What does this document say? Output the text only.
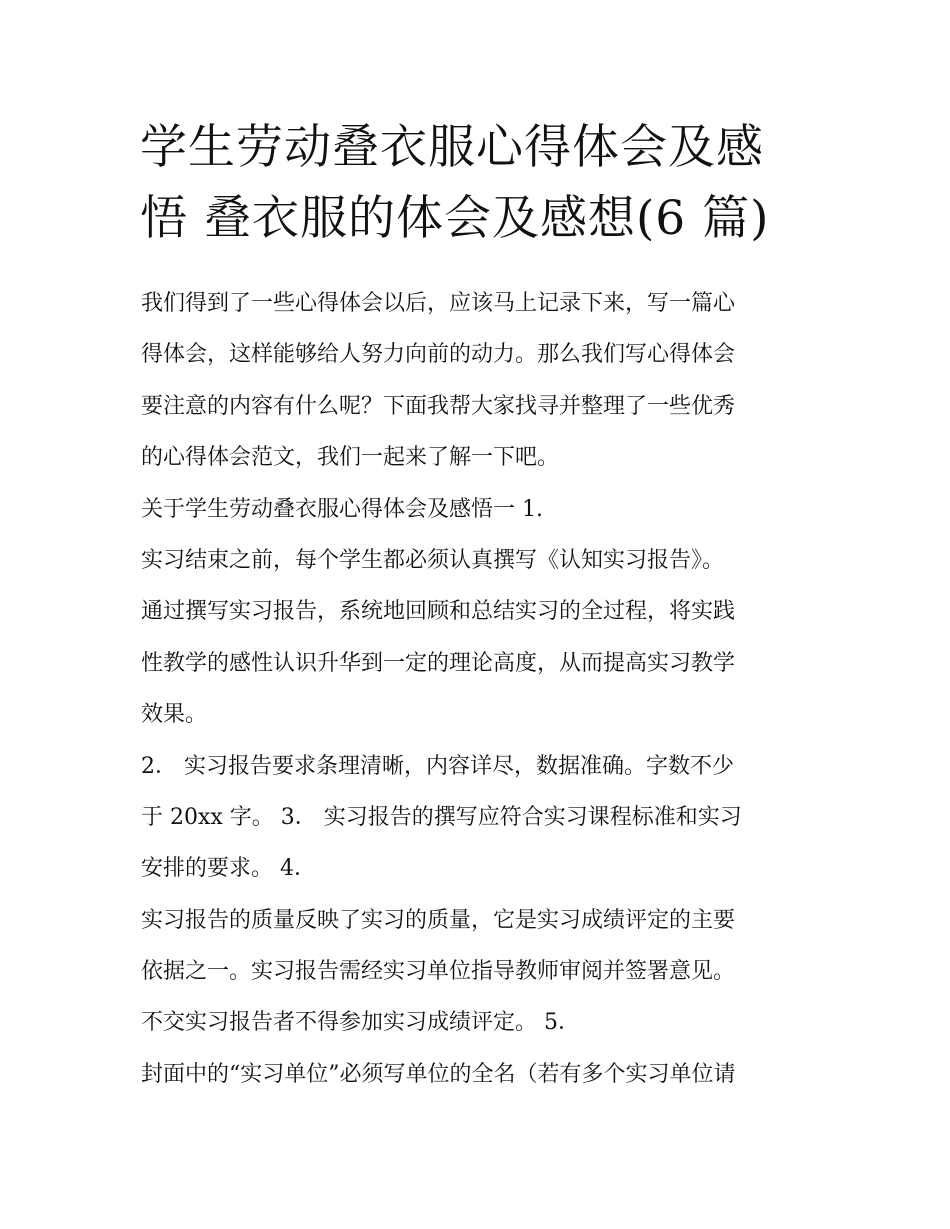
学生劳动叠衣服心得体会及感
悟 叠衣服的体会及感想(6 篇)
我们得到了一些心得体会以后，应该马上记录下来，写一篇心
得体会，这样能够给人努力向前的动力。那么我们写心得体会
要注意的内容有什么呢？下面我帮大家找寻并整理了一些优秀
的心得体会范文，我们一起来了解一下吧。
关于学生劳动叠衣服心得体会及感悟一 1.
实习结束之前，每个学生都必须认真撰写《认知实习报告》。
通过撰写实习报告，系统地回顾和总结实习的全过程，将实践
性教学的感性认识升华到一定的理论高度，从而提高实习教学
效果。
2． 实习报告要求条理清晰，内容详尽，数据准确。字数不少
于 20xx 字。 3． 实习报告的撰写应符合实习课程标准和实习
安排的要求。 4．
实习报告的质量反映了实习的质量，它是实习成绩评定的主要
依据之一。实习报告需经实习单位指导教师审阅并签署意见。
不交实习报告者不得参加实习成绩评定。 5．
封面中的“实习单位”必须写单位的全名（若有多个实习单位请
